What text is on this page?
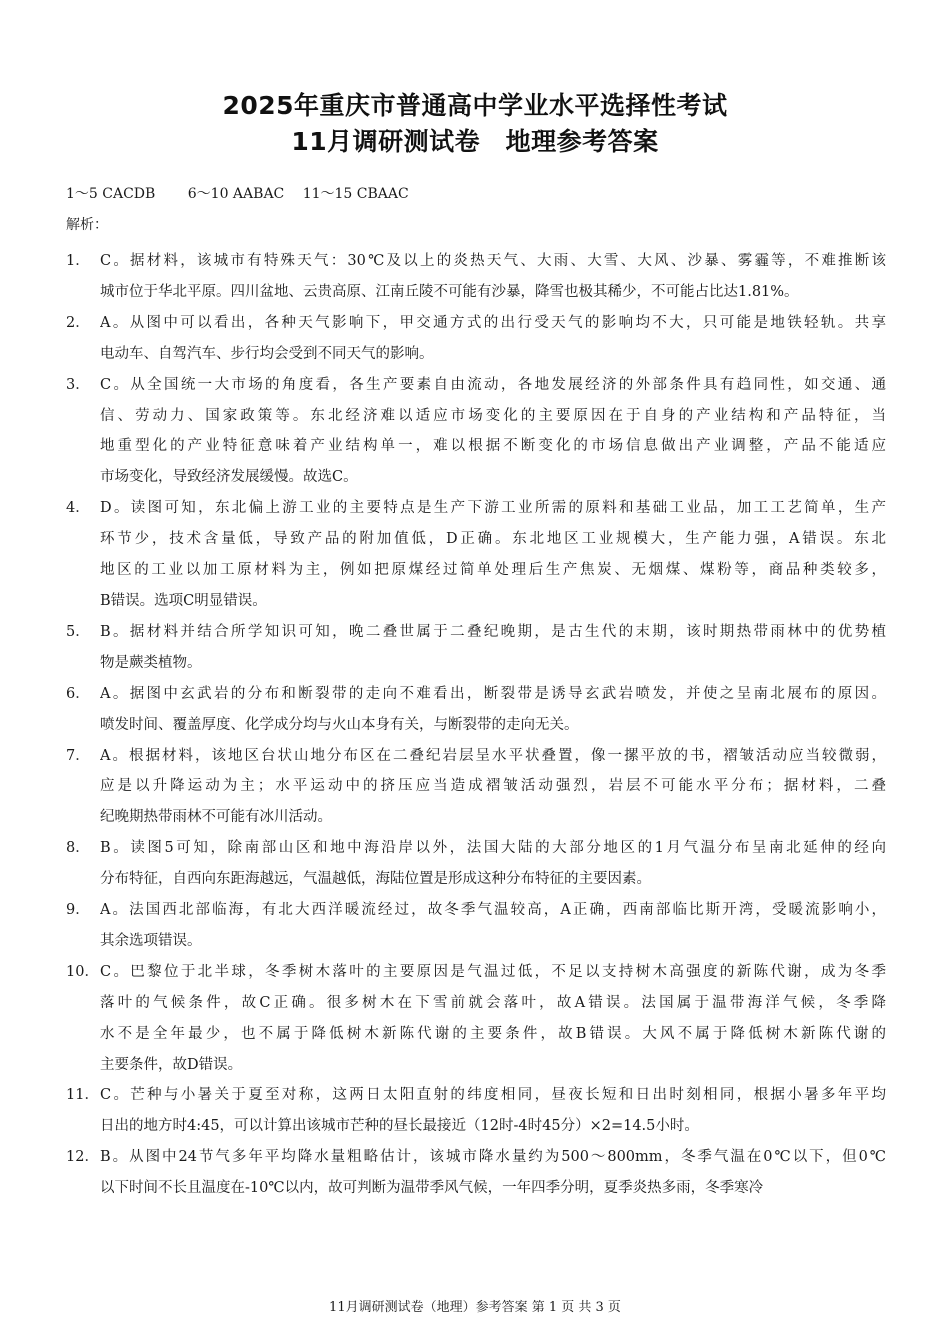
2025年重庆市普通高中学业水平选择性考试
11月调研测试卷　地理参考答案
1～5 CACDB　　 6～10 AABAC　 11～15 CBAAC
解析：
1． C。据材料，该城市有特殊天气：30℃及以上的炎热天气、大雨、大雪、大风、沙暴、雾霾等，不难推断该
城市位于华北平原。四川盆地、云贵高原、江南丘陵不可能有沙暴，降雪也极其稀少，不可能占比达1.81%。
2． A。从图中可以看出，各种天气影响下，甲交通方式的出行受天气的影响均不大，只可能是地铁轻轨。共享
电动车、自驾汽车、步行均会受到不同天气的影响。
3． C。从全国统一大市场的角度看，各生产要素自由流动，各地发展经济的外部条件具有趋同性，如交通、通
信、劳动力、国家政策等。东北经济难以适应市场变化的主要原因在于自身的产业结构和产品特征，当
地重型化的产业特征意味着产业结构单一，难以根据不断变化的市场信息做出产业调整，产品不能适应
市场变化，导致经济发展缓慢。故选C。
4． D。读图可知，东北偏上游工业的主要特点是生产下游工业所需的原料和基础工业品，加工工艺简单，生产
环节少，技术含量低，导致产品的附加值低，D正确。东北地区工业规模大，生产能力强，A错误。东北
地区的工业以加工原材料为主，例如把原煤经过简单处理后生产焦炭、无烟煤、煤粉等，商品种类较多，
B错误。选项C明显错误。
5． B。据材料并结合所学知识可知，晚二叠世属于二叠纪晚期，是古生代的末期，该时期热带雨林中的优势植
物是蕨类植物。
6． A。据图中玄武岩的分布和断裂带的走向不难看出，断裂带是诱导玄武岩喷发，并使之呈南北展布的原因。
喷发时间、覆盖厚度、化学成分均与火山本身有关，与断裂带的走向无关。
7． A。根据材料，该地区台状山地分布区在二叠纪岩层呈水平状叠置，像一摞平放的书，褶皱活动应当较微弱，
应是以升降运动为主；水平运动中的挤压应当造成褶皱活动强烈，岩层不可能水平分布；据材料，二叠
纪晚期热带雨林不可能有冰川活动。
8． B。读图5可知，除南部山区和地中海沿岸以外，法国大陆的大部分地区的1月气温分布呈南北延伸的经向
分布特征，自西向东距海越远，气温越低，海陆位置是形成这种分布特征的主要因素。
9． A。法国西北部临海，有北大西洋暖流经过，故冬季气温较高，A正确，西南部临比斯开湾，受暖流影响小，
其余选项错误。
10． C。巴黎位于北半球，冬季树木落叶的主要原因是气温过低，不足以支持树木高强度的新陈代谢，成为冬季
落叶的气候条件，故C正确。很多树木在下雪前就会落叶，故A错误。法国属于温带海洋气候，冬季降
水不是全年最少，也不属于降低树木新陈代谢的主要条件，故B错误。大风不属于降低树木新陈代谢的
主要条件，故D错误。
11． C。芒种与小暑关于夏至对称，这两日太阳直射的纬度相同，昼夜长短和日出时刻相同，根据小暑多年平均
日出的地方时4:45，可以计算出该城市芒种的昼长最接近（12时-4时45分）×2=14.5小时。
12． B。从图中24节气多年平均降水量粗略估计，该城市降水量约为500～800mm，冬季气温在0℃以下，但0℃
以下时间不长且温度在-10℃以内，故可判断为温带季风气候，一年四季分明，夏季炎热多雨，冬季寒冷
11月调研测试卷（地理）参考答案 第 1 页 共 3 页
